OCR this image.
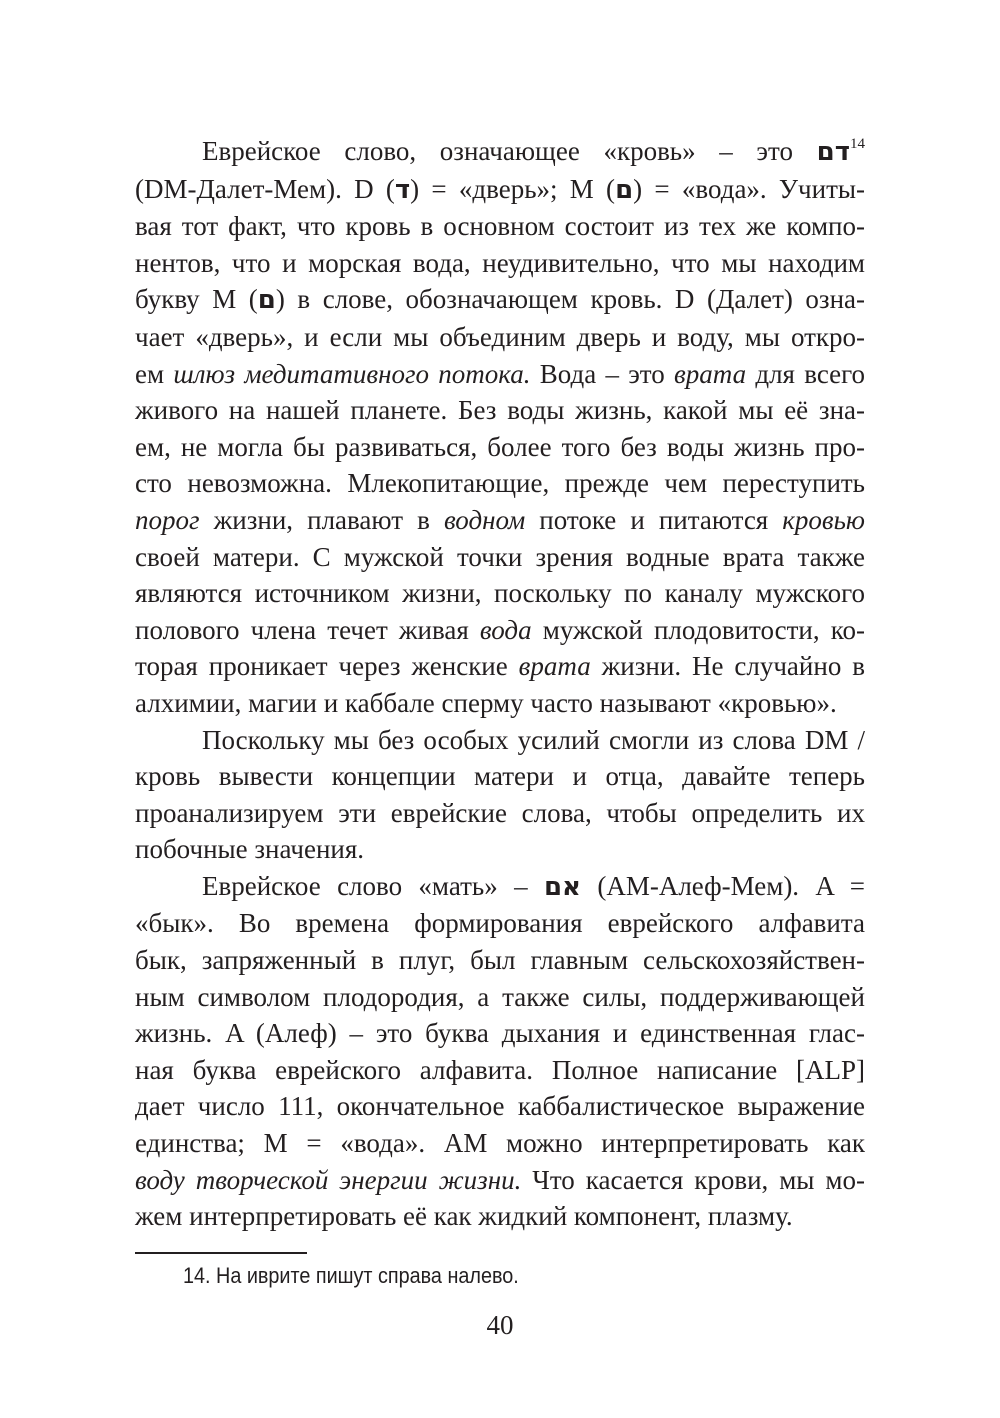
Еврейское слово, означающее «кровь» – это דם$^{14}$
(DM-Далет-Мем). D (ד) = «дверь»; M (ם) = «вода». Учиты-
вая тот факт, что кровь в основном состоит из тех же компо-
нентов, что и морская вода, неудивительно, что мы находим
букву M (ם) в слове, обозначающем кровь. D (Далет) озна-
чает «дверь», и если мы объединим дверь и воду, мы откро-
ем шлюз медитативного потока. Вода – это врата для всего
живого на нашей планете. Без воды жизнь, какой мы её зна-
ем, не могла бы развиваться, более того без воды жизнь про-
сто невозможна. Млекопитающие, прежде чем переступить
порог жизни, плавают в водном потоке и питаются кровью
своей матери. С мужской точки зрения водные врата также
являются источником жизни, поскольку по каналу мужского
полового члена течет живая вода мужской плодовитости, ко-
торая проникает через женские врата жизни. Не случайно в
алхимии, магии и каббале сперму часто называют «кровью».
Поскольку мы без особых усилий смогли из слова DM /
кровь вывести концепции матери и отца, давайте теперь
проанализируем эти еврейские слова, чтобы определить их
побочные значения.
Еврейское слово «мать» – אם (AM-Алеф-Мем). A =
«бык». Во времена формирования еврейского алфавита
бык, запряженный в плуг, был главным сельскохозяйствен-
ным символом плодородия, а также силы, поддерживающей
жизнь. A (Алеф) – это буква дыхания и единственная глас-
ная буква еврейского алфавита. Полное написание [ALP]
дает число 111, окончательное каббалистическое выражение
единства; M = «вода». AM можно интерпретировать как
воду творческой энергии жизни. Что касается крови, мы мо-
жем интерпретировать её как жидкий компонент, плазму.
14. На иврите пишут справа налево.
40
